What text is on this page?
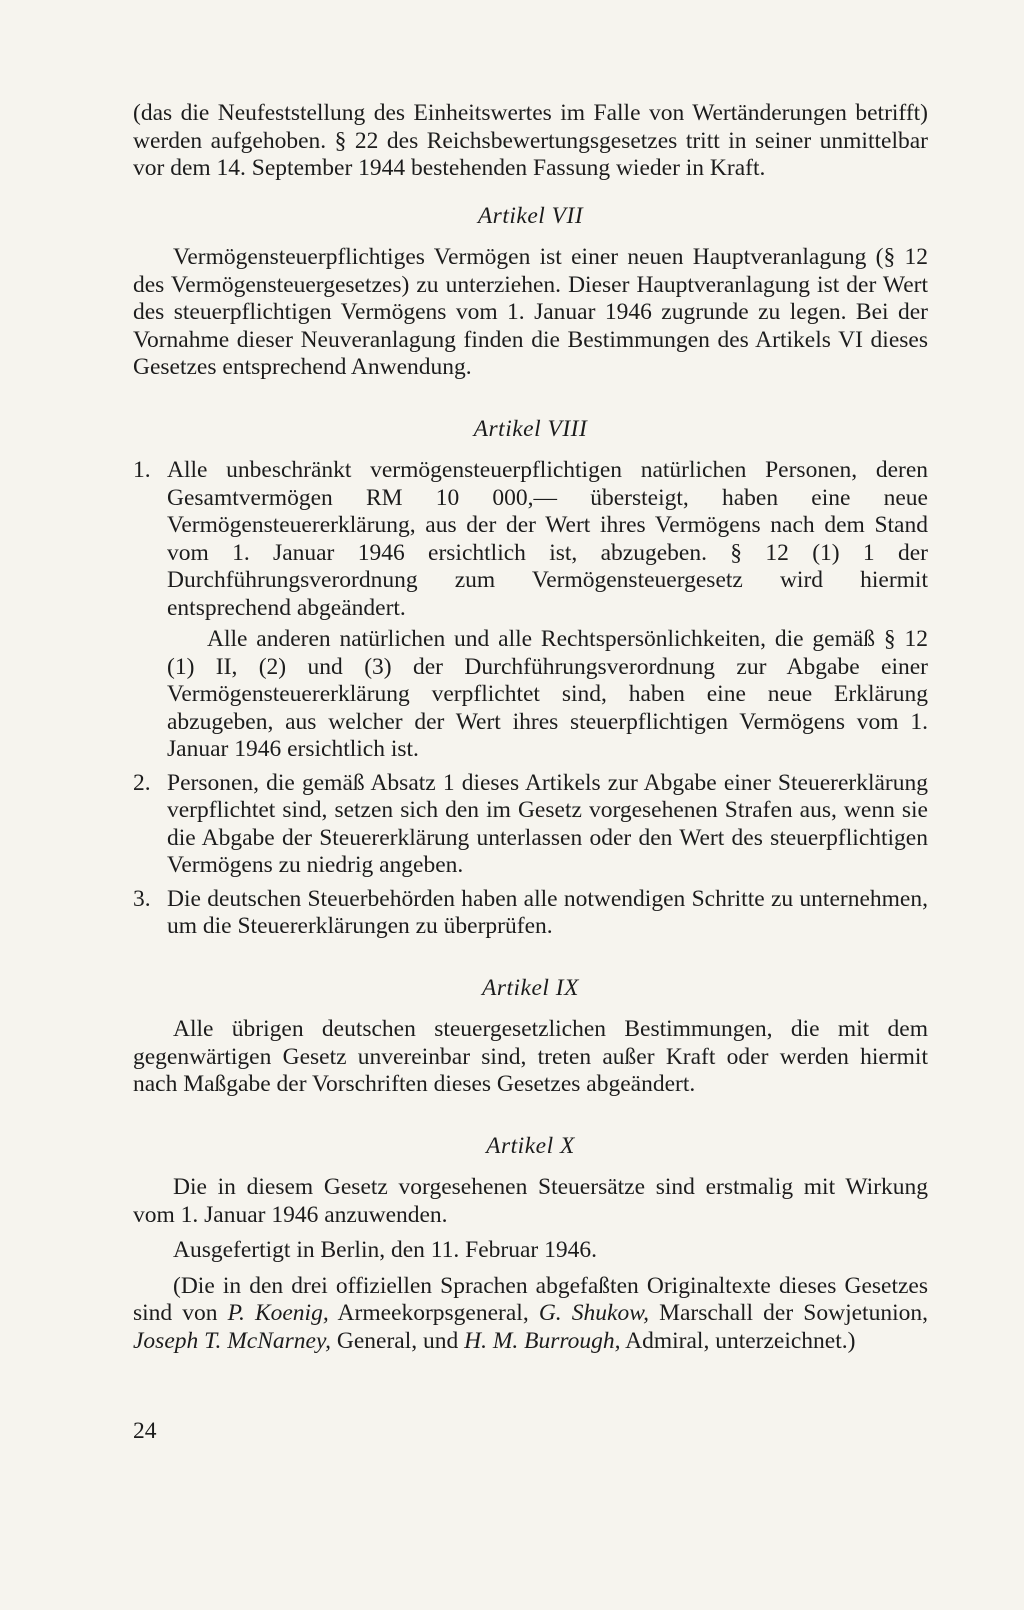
(das die Neufeststellung des Einheitswertes im Falle von Wertänderungen betrifft) werden aufgehoben. § 22 des Reichsbewertungsgesetzes tritt in seiner unmittelbar vor dem 14. September 1944 bestehenden Fassung wieder in Kraft.

Artikel VII

Vermögensteuerpflichtiges Vermögen ist einer neuen Hauptveranlagung (§ 12 des Vermögensteuergesetzes) zu unterziehen. Dieser Hauptveranlagung ist der Wert des steuerpflichtigen Vermögens vom 1. Januar 1946 zugrunde zu legen. Bei der Vornahme dieser Neuveranlagung finden die Bestimmungen des Artikels VI dieses Gesetzes entsprechend Anwendung.

Artikel VIII
1. Alle unbeschränkt vermögensteuerpflichtigen natürlichen Personen, deren Gesamtvermögen RM 10 000,— übersteigt, haben eine neue Vermögensteuererklärung, aus der der Wert ihres Vermögens nach dem Stand vom 1. Januar 1946 ersichtlich ist, abzugeben. § 12 (1) 1 der Durchführungsverordnung zum Vermögensteuergesetz wird hiermit entsprechend abgeändert.

Alle anderen natürlichen und alle Rechtspersönlichkeiten, die gemäß § 12 (1) II, (2) und (3) der Durchführungsverordnung zur Abgabe einer Vermögensteuererklärung verpflichtet sind, haben eine neue Erklärung abzugeben, aus welcher der Wert ihres steuerpflichtigen Vermögens vom 1. Januar 1946 ersichtlich ist.

2. Personen, die gemäß Absatz 1 dieses Artikels zur Abgabe einer Steuererklärung verpflichtet sind, setzen sich den im Gesetz vorgesehenen Strafen aus, wenn sie die Abgabe der Steuererklärung unterlassen oder den Wert des steuerpflichtigen Vermögens zu niedrig angeben.

3. Die deutschen Steuerbehörden haben alle notwendigen Schritte zu unternehmen, um die Steuererklärungen zu überprüfen.

Artikel IX

Alle übrigen deutschen steuergesetzlichen Bestimmungen, die mit dem gegenwärtigen Gesetz unvereinbar sind, treten außer Kraft oder werden hiermit nach Maßgabe der Vorschriften dieses Gesetzes abgeändert.

Artikel X

Die in diesem Gesetz vorgesehenen Steuersätze sind erstmalig mit Wirkung vom 1. Januar 1946 anzuwenden.

Ausgefertigt in Berlin, den 11. Februar 1946.

(Die in den drei offiziellen Sprachen abgefaßten Originaltexte dieses Gesetzes sind von P. Koenig, Armeekorpsgeneral, G. Shukow, Marschall der Sowjetunion, Joseph T. McNarney, General, und H. M. Burrough, Admiral, unterzeichnet.)

24
